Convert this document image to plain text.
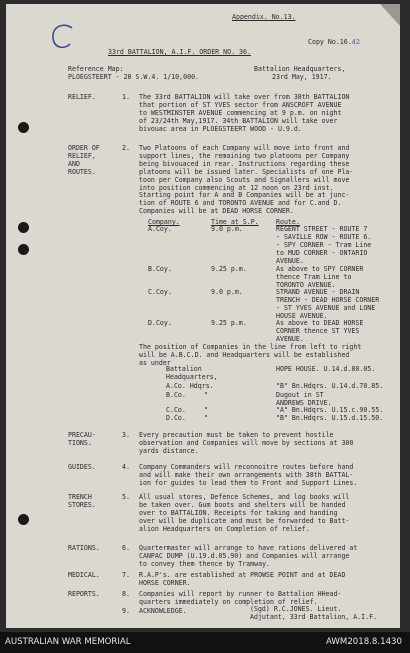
Appendix. No.13.
Copy No.16.42
33rd BATTALION, A.I.F. ORDER NO. 36.
Reference Map:
PLOEGSTEERT - 28 S.W.4. 1/10,000.
Battalion Headquarters,
23rd May, 1917.
RELIEF.	1. The 33rd BATTALION will take over from 38th BATTALION
that portion of ST YVES sector from ANSCROFT AVENUE
to WESTMINSTER AVENUE commencing at 9 p.m. on night
of 23/24th May,1917. 34th BATTALION will take over
bivouac area in PLOEGSTEERT WOOD - U.9.d.
ORDER OF
RELIEF,
AND
ROUTES.
2. Two Platoons of each Company will move into front and
support lines, the remaining two platoons per Company
being bivouaced in rear. Instructions regarding these
platoons will be issued later. Specialists of one Pla-
toon per Company also Scouts and Signallers will move
into position commencing at 12 noon on 23rd inst.
Starting point for A and B Companies will be at junc-
tion of ROUTE 6 and TORONTO AVENUE and for C.and D.
Companies will be at DEAD HORSE CORNER.
Company.	Time at S.P.	Route.
A.Coy.	9.0 p.m.	REGENT STREET - ROUTE 7
- SAVILLE ROW - ROUTE 6.
- SPY CORNER - Tram Line
to MUD CORNER - ONTARIO
AVENUE.
B.Coy.	9.25 p.m.	As above to SPY CORNER
thence Tram Line to
TORONTO AVENUE.
C.Coy.	9.0 p.m.	STRAND AVENUE - DRAIN
TRENCH - DEAD HORSE CORNER
- ST YVES AVENUE and LONE
HOUSE AVENUE.
D.Coy.	9.25 p.m.	As above to DEAD HORSE
CORNER thence ST YVES
AVENUE.
The position of Companies in the line from left to right
will be A.B.C.D. and Headquarters will be established
as under
Battalion
Headquarters,
HOPE HOUSE. U.14.d.80.05.
A.Co. Hdqrs.	"B" Bn.Hdqrs. U.14.d.70.85.
B.Co.	"	Dugout in ST
ANDREWS DRIVE.
C.Co.	"	"A" Bn.Hdqrs. U.15.c.90.55.
D.Co.	"	"B" Bn.Hdqrs. U.15.d.15.50.
PRECAU-
TIONS.
3. Every precaution must be taken to prevent hostile
observation and Companies will move by sections at 300
yards distance.
GUIDES.	4. Company Commanders will reconnoitre routes before hand
and will make their own arrangements with 38th BATTAL-
ion for guides to lead them to Front and Support Lines.
TRENCH
STORES.
5. All usual stores, Defence Schemes, and log books will
be taken over. Gum boots and shelters will be handed
over to BATTALION. Receipts for taking and handing
over will be duplicate and must be forwarded to Batt-
alion Headquarters on Completion of relief.
RATIONS.	6. Quartermaster will arrange to have rations delivered at
CANPAC DUMP (U.19.d.05.90) and Companies will arrange
to convey them thence by Tramway.
MEDICAL.	7. R.A.P's. are established at PROWSE POINT and at DEAD
HORSE CORNER.
REPORTS.	8. Companies will report by runner to Battalion HHead-
quarters immediately on completion of relief.
9. ACKNOWLEDGE.	(Sgd) R.C.JONES. Lieut.
Adjutant, 33rd Battalion, A.I.F.
AUSTRALIAN WAR MEMORIAL	AWM2018.8.1430
